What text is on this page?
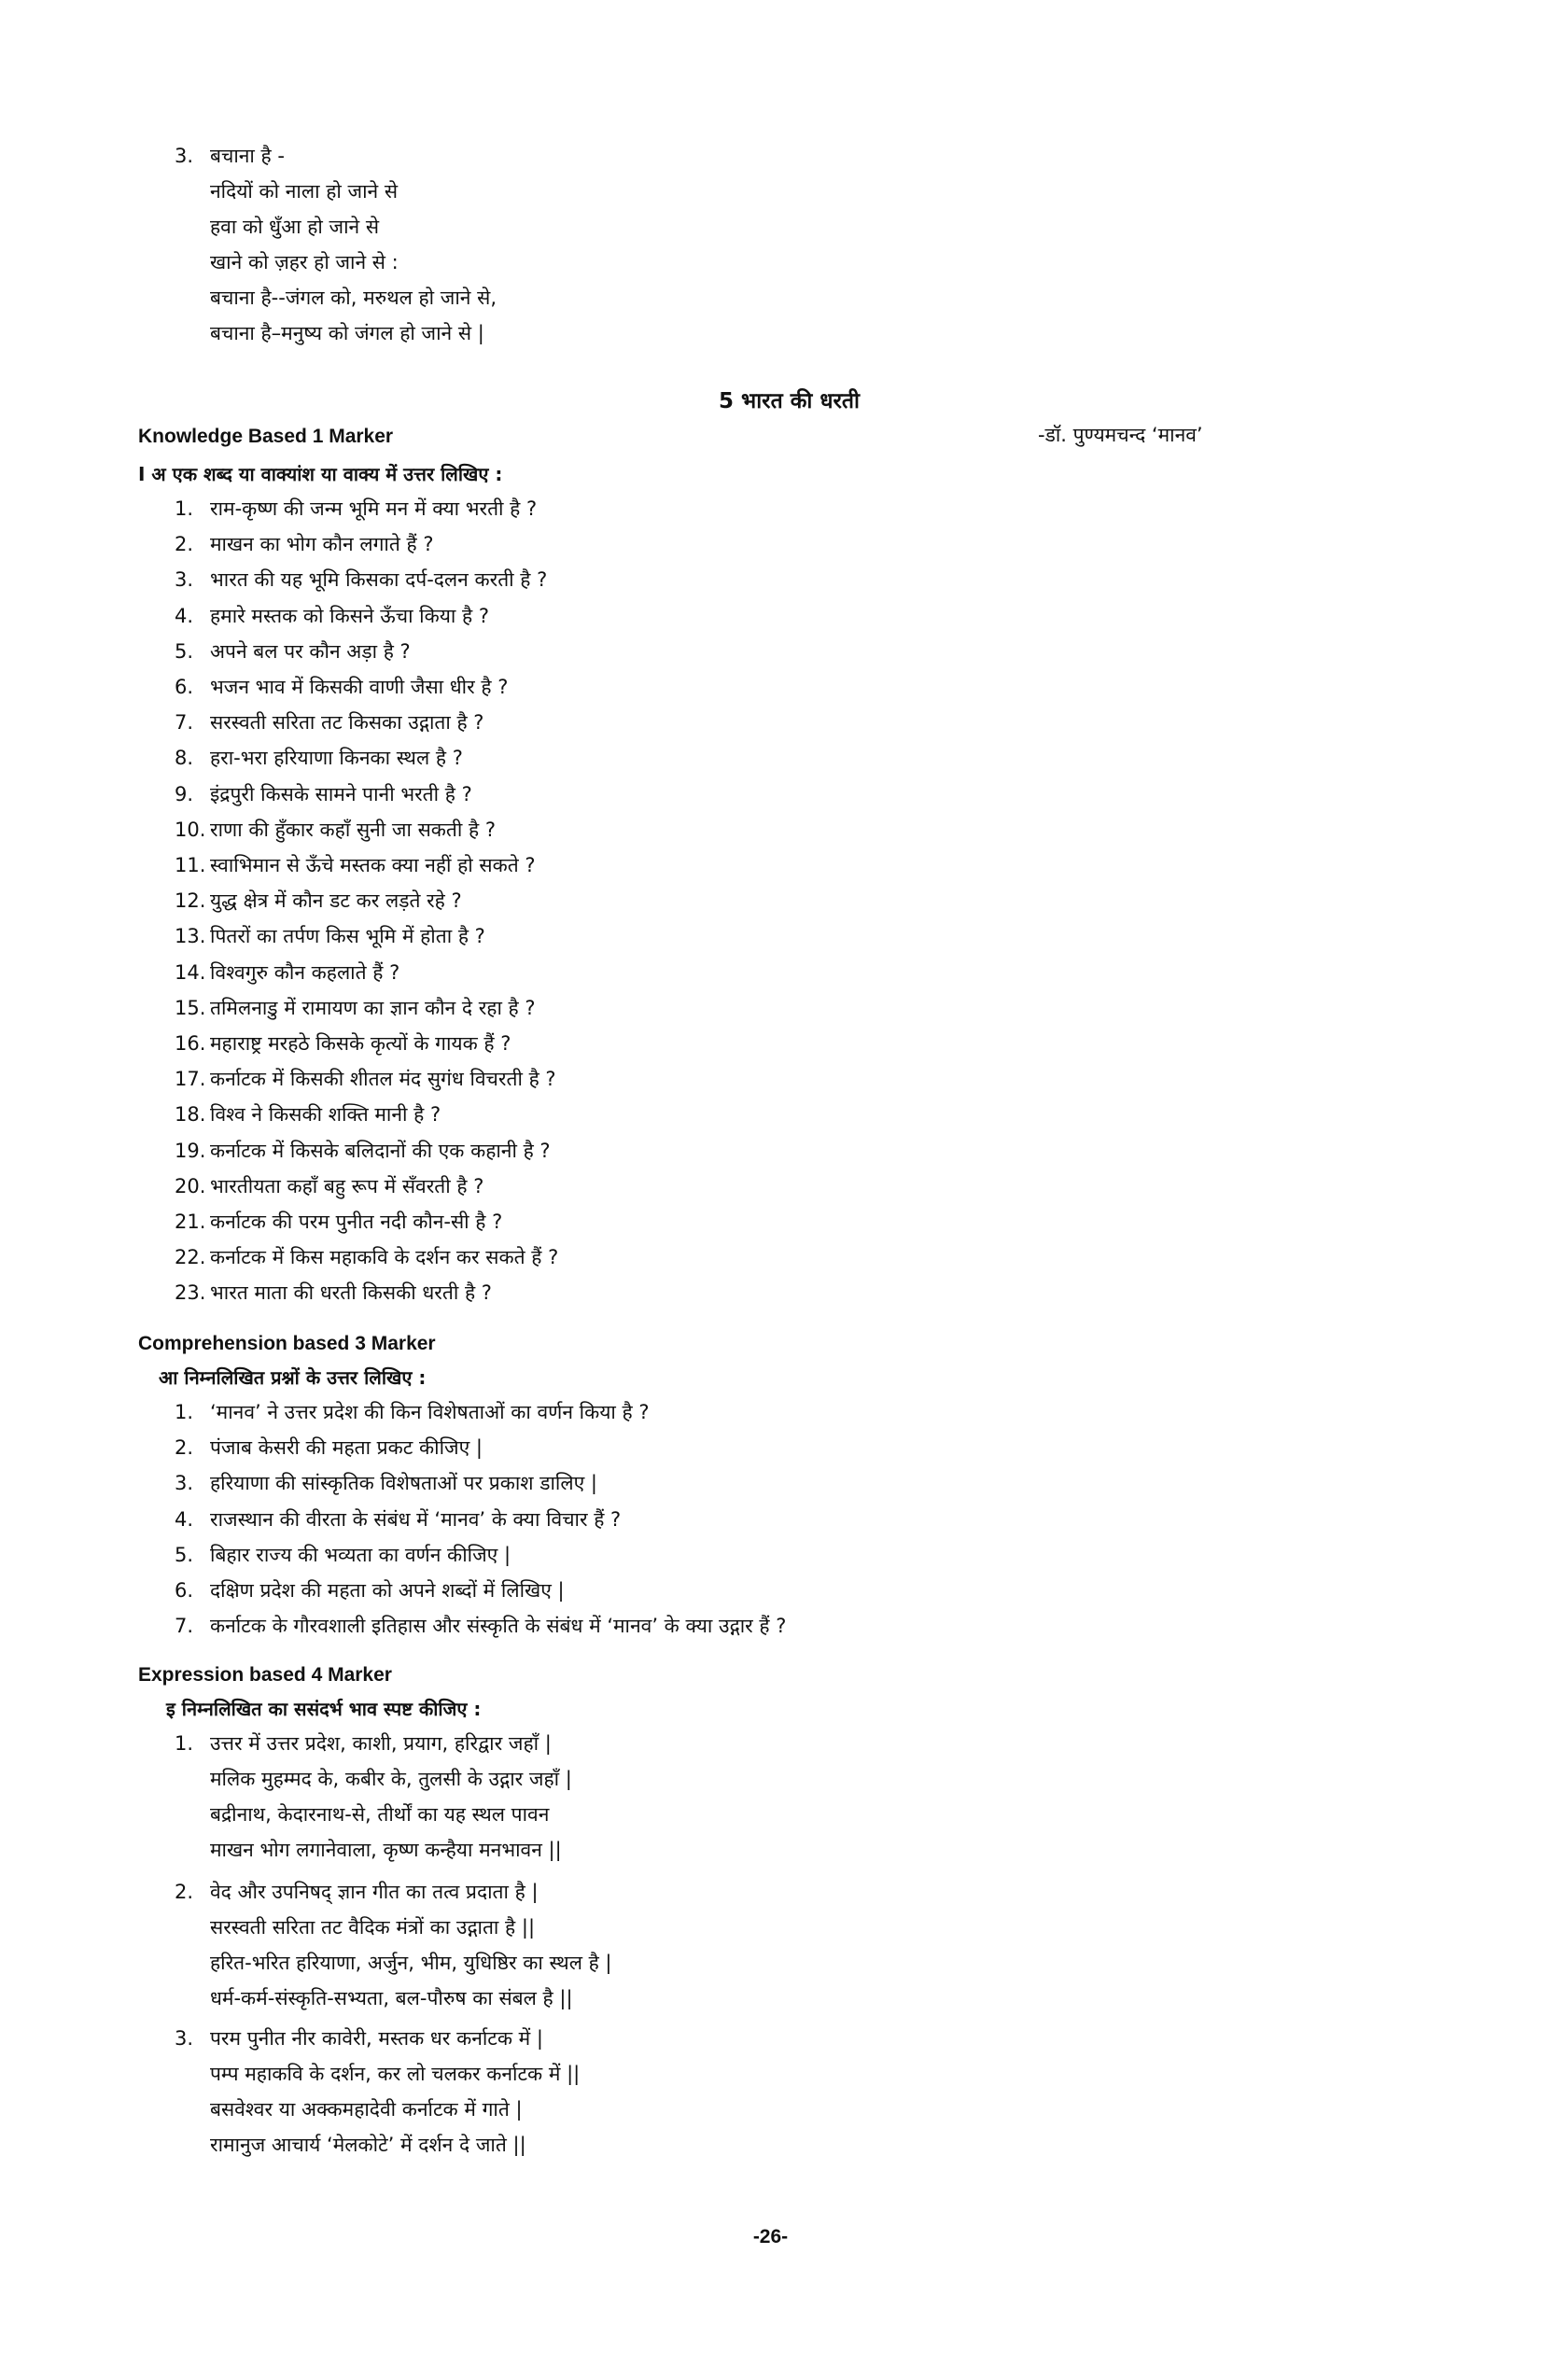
3. बचाना है -
नदियों को नाला हो जाने से
हवा को धुँआ हो जाने से
खाने को ज़हर हो जाने से :
बचाना है--जंगल को, मरुथल हो जाने से,
बचाना है–मनुष्य को जंगल हो जाने से |
5 भारत की धरती
Knowledge Based 1 Marker	-डॉ. पुण्यमचन्द ‘मानव’
I अ एक शब्द या वाक्यांश या वाक्य में उत्तर लिखिए :
1. राम-कृष्ण की जन्म भूमि मन में क्या भरती है ?
2. माखन का भोग कौन लगाते हैं ?
3. भारत की यह भूमि किसका दर्प-दलन करती है ?
4. हमारे मस्तक को किसने ऊँचा किया है ?
5. अपने बल पर कौन अड़ा है ?
6. भजन भाव में किसकी वाणी जैसा धीर है ?
7. सरस्वती सरिता तट किसका उद्गाता है ?
8. हरा-भरा हरियाणा किनका स्थल है ?
9. इंद्रपुरी किसके सामने पानी भरती है ?
10. राणा की हुँकार कहाँ सुनी जा सकती है ?
11. स्वाभिमान से ऊँचे मस्तक क्या नहीं हो सकते ?
12. युद्ध क्षेत्र में कौन डट कर लड़ते रहे ?
13. पितरों का तर्पण किस भूमि में होता है ?
14. विश्वगुरु कौन कहलाते हैं ?
15. तमिलनाडु में रामायण का ज्ञान कौन दे रहा है ?
16. महाराष्ट्र मरहठे किसके कृत्यों के गायक हैं ?
17. कर्नाटक में किसकी शीतल मंद सुगंध विचरती है ?
18. विश्व ने किसकी शक्ति मानी है ?
19. कर्नाटक में किसके बलिदानों की एक कहानी है ?
20. भारतीयता कहाँ बहु रूप में सँवरती है ?
21. कर्नाटक की परम पुनीत नदी कौन-सी है ?
22. कर्नाटक में किस महाकवि के दर्शन कर सकते हैं ?
23. भारत माता की धरती किसकी धरती है ?
Comprehension based 3 Marker
आ निम्नलिखित प्रश्नों के उत्तर लिखिए :
1. ‘मानव’ ने उत्तर प्रदेश की किन विशेषताओं का वर्णन किया है ?
2. पंजाब केसरी की महता प्रकट कीजिए |
3. हरियाणा की सांस्कृतिक विशेषताओं पर प्रकाश डालिए |
4. राजस्थान की वीरता के संबंध में ‘मानव’ के क्या विचार हैं ?
5. बिहार राज्य की भव्यता का वर्णन कीजिए |
6. दक्षिण प्रदेश की महता को अपने शब्दों में लिखिए |
7. कर्नाटक के गौरवशाली इतिहास और संस्कृति के संबंध में ‘मानव’ के क्या उद्गार हैं ?
Expression based 4 Marker
इ निम्नलिखित का ससंदर्भ भाव स्पष्ट कीजिए :
1. उत्तर में उत्तर प्रदेश, काशी, प्रयाग, हरिद्वार जहाँ |
मलिक मुहम्मद के, कबीर के, तुलसी के उद्गार जहाँ |
बद्रीनाथ, केदारनाथ-से, तीर्थों का यह स्थल पावन
माखन भोग लगानेवाला, कृष्ण कन्हैया मनभावन ||
2. वेद और उपनिषद् ज्ञान गीत का तत्व प्रदाता है |
सरस्वती सरिता तट वैदिक मंत्रों का उद्गाता है ||
हरित-भरित हरियाणा, अर्जुन, भीम, युधिष्ठिर का स्थल है |
धर्म-कर्म-संस्कृति-सभ्यता, बल-पौरुष का संबल है ||
3. परम पुनीत नीर कावेरी, मस्तक धर कर्नाटक में |
पम्प महाकवि के दर्शन, कर लो चलकर कर्नाटक में ||
बसवेश्वर या अक्कमहादेवी कर्नाटक में गाते |
रामानुज आचार्य ‘मेलकोटे’ में दर्शन दे जाते ||
-26-
